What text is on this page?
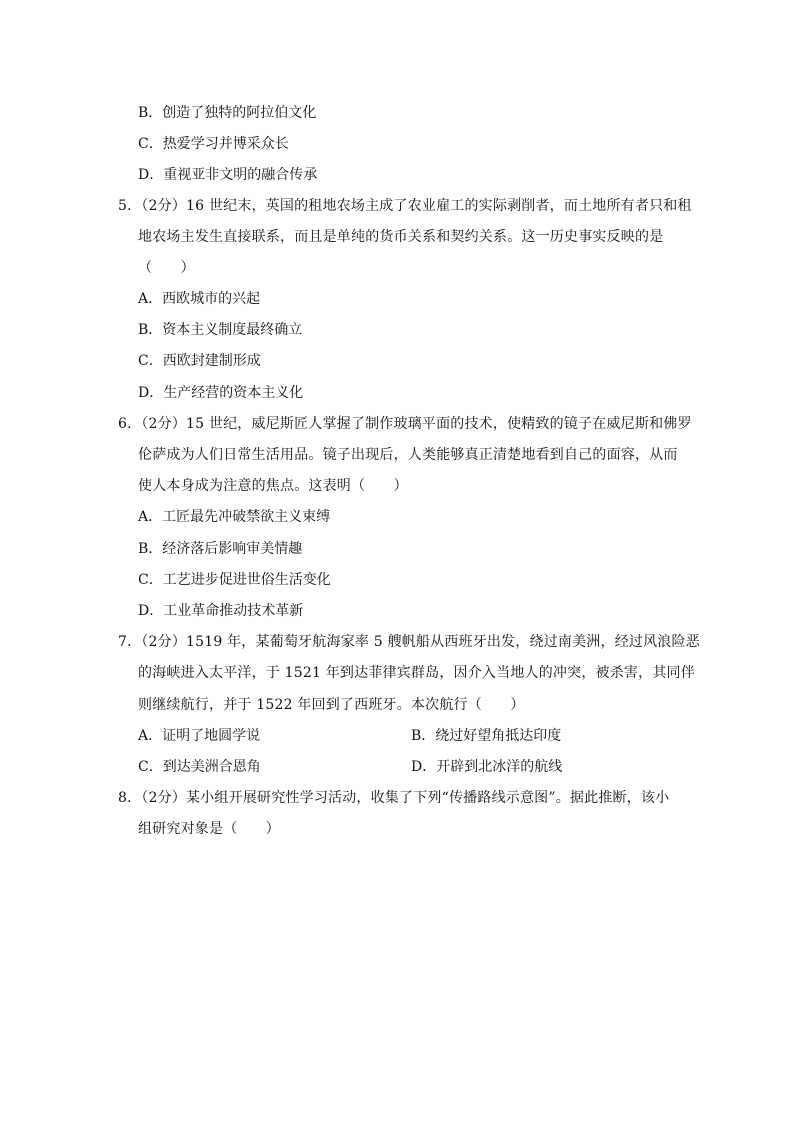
B．创造了独特的阿拉伯文化
C．热爱学习并博采众长
D．重视亚非文明的融合传承
5．（2分）16 世纪末，英国的租地农场主成了农业雇工的实际剥削者，而土地所有者只和租
地农场主发生直接联系，而且是单纯的货币关系和契约关系。这一历史事实反映的是
（　　）
A．西欧城市的兴起
B．资本主义制度最终确立
C．西欧封建制形成
D．生产经营的资本主义化
6．（2分）15 世纪，威尼斯匠人掌握了制作玻璃平面的技术，使精致的镜子在威尼斯和佛罗
伦萨成为人们日常生活用品。镜子出现后，人类能够真正清楚地看到自己的面容，从而
使人本身成为注意的焦点。这表明（　　）
A．工匠最先冲破禁欲主义束缚
B．经济落后影响审美情趣
C．工艺进步促进世俗生活变化
D．工业革命推动技术革新
7．（2分）1519 年，某葡萄牙航海家率 5 艘帆船从西班牙出发，绕过南美洲，经过风浪险恶
的海峡进入太平洋，于 1521 年到达菲律宾群岛，因介入当地人的冲突，被杀害，其同伴
则继续航行，并于 1522 年回到了西班牙。本次航行（　　）
A．证明了地圆学说	B．绕过好望角抵达印度
C．到达美洲合恩角	D．开辟到北冰洋的航线
8．（2分）某小组开展研究性学习活动，收集了下列“传播路线示意图”。据此推断，该小
组研究对象是（　　）
